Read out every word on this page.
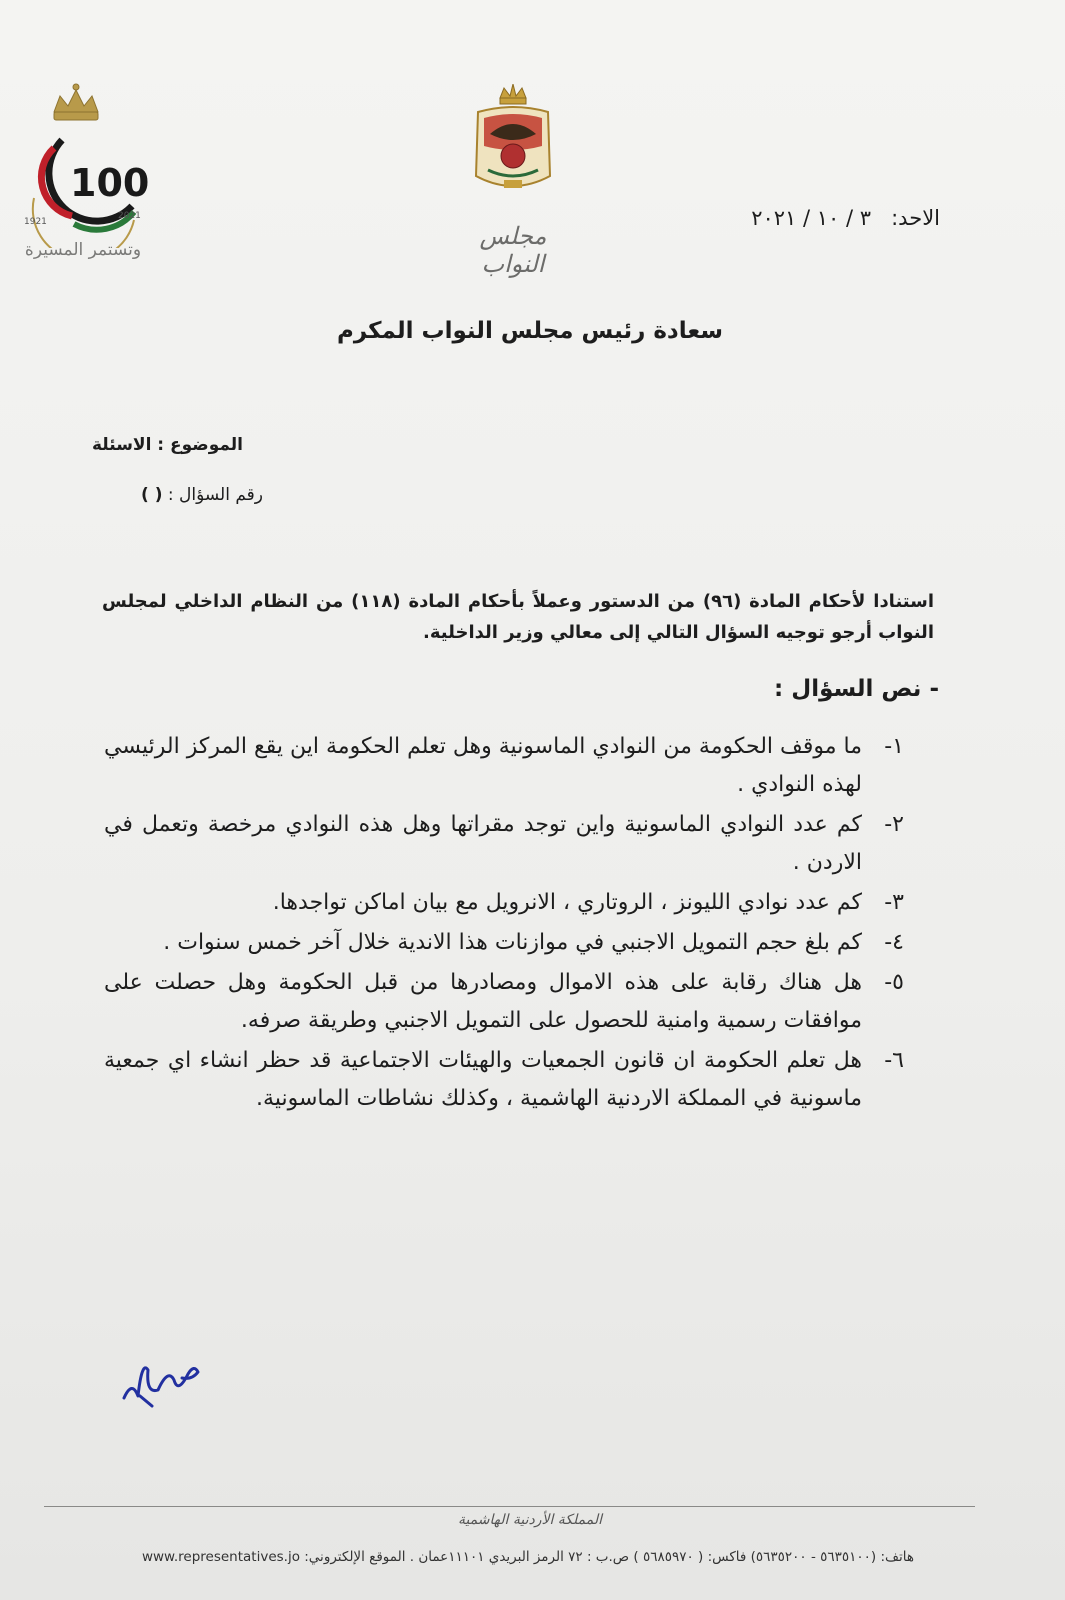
100
1921
2021
وتستمر المسيرة	مجلس النواب
الاحد:   ٣ / ١٠ / ٢٠٢١
سعادة رئيس مجلس النواب المكرم
الموضوع : الاسئلة
رقم السؤال : ( )
استنادا لأحكام المادة (٩٦) من الدستور وعملاً بأحكام المادة (١١٨) من النظام الداخلي لمجلس النواب أرجو توجيه السؤال التالي إلى معالي وزير الداخلية.
- نص السؤال :
١-
ما موقف الحكومة من النوادي الماسونية وهل تعلم الحكومة اين يقع المركز الرئيسي لهذه النوادي .
٢-
كم عدد النوادي الماسونية واين توجد مقراتها وهل هذه النوادي مرخصة وتعمل في الاردن .
٣-
كم عدد نوادي الليونز ، الروتاري ، الانرويل مع بيان اماكن تواجدها.
٤-
كم بلغ حجم التمويل الاجنبي في موازنات هذا الاندية خلال آخر خمس سنوات .
٥-
هل هناك رقابة على هذه الاموال ومصادرها من قبل الحكومة وهل حصلت على موافقات رسمية وامنية للحصول على التمويل الاجنبي وطريقة صرفه.
٦-
هل تعلم الحكومة ان قانون الجمعيات والهيئات الاجتماعية قد حظر انشاء اي جمعية ماسونية في المملكة الاردنية الهاشمية ، وكذلك نشاطات الماسونية.
المملكة الأردنية الهاشمية
هاتف: (٥٦٣٥١٠٠ - ٥٦٣٥٢٠٠) فاكس: ( ٥٦٨٥٩٧٠ ) ص.ب : ٧٢ الرمز البريدي ١١١٠١عمان . الموقع الإلكتروني: www.representatives.jo
